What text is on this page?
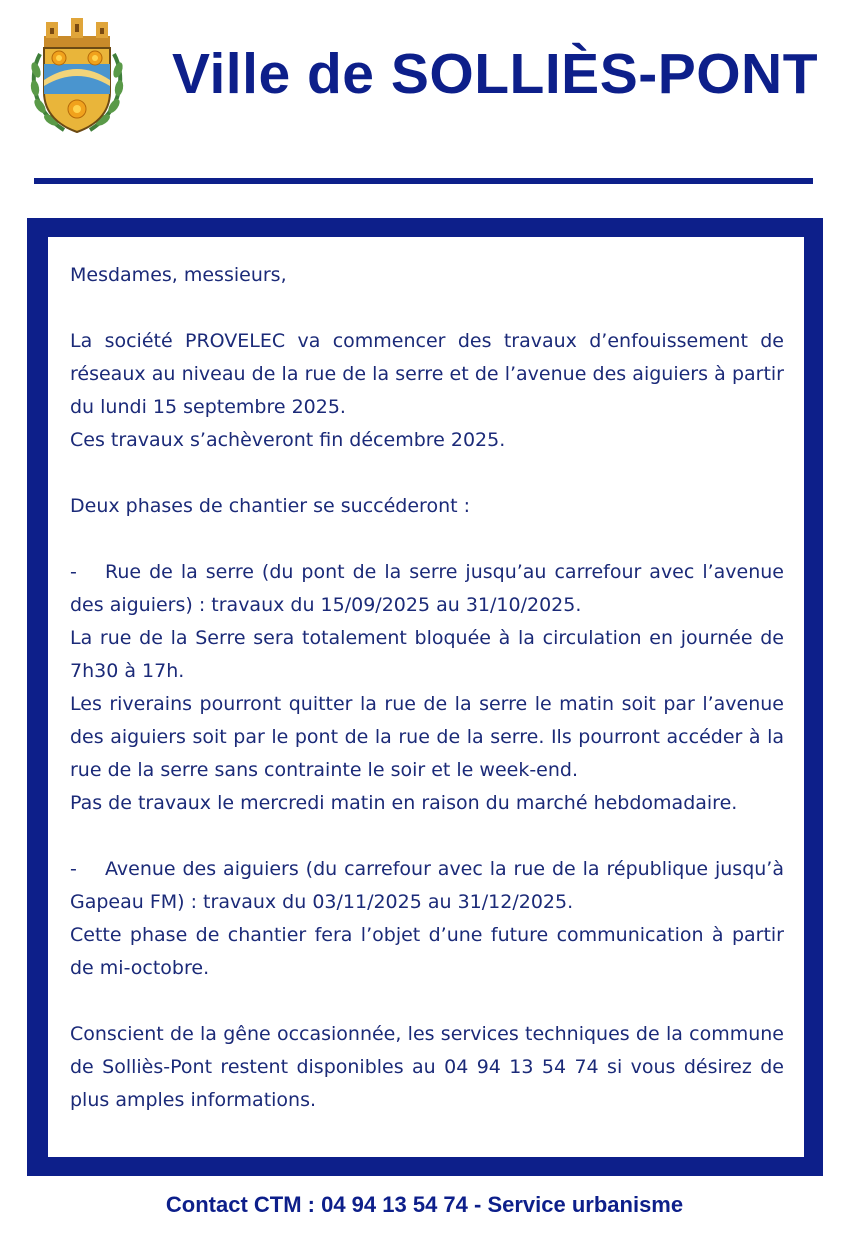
Ville de SOLLIÈS-PONT

Mesdames, messieurs,

La société PROVELEC va commencer des travaux d’enfouissement de réseaux au niveau de la rue de la serre et de l’avenue des aiguiers à partir du lundi 15 septembre 2025.

Ces travaux s’achèveront fin décembre 2025.

Deux phases de chantier se succéderont :

- Rue de la serre (du pont de la serre jusqu’au carrefour avec l’avenue des aiguiers) : travaux du 15/09/2025 au 31/10/2025.

La rue de la Serre sera totalement bloquée à la circulation en journée de 7h30 à 17h.

Les riverains pourront quitter la rue de la serre le matin soit par l’avenue des aiguiers soit par le pont de la rue de la serre. Ils pourront accéder à la rue de la serre sans contrainte le soir et le week-end.

Pas de travaux le mercredi matin en raison du marché hebdomadaire.

- Avenue des aiguiers (du carrefour avec la rue de la république jusqu’à Gapeau FM) : travaux du 03/11/2025 au 31/12/2025.

Cette phase de chantier fera l’objet d’une future communication à partir de mi-octobre.

Conscient de la gêne occasionnée, les services techniques de la commune de Solliès-Pont restent disponibles au 04 94 13 54 74 si vous désirez de plus amples informations.

Contact CTM : 04 94 13 54 74 - Service urbanisme
